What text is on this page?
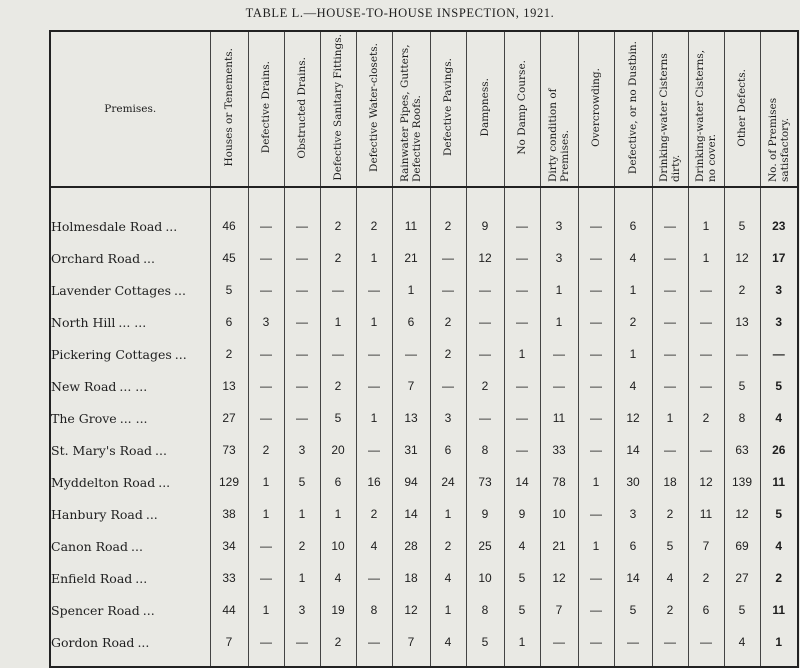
TABLE L.—HOUSE-TO-HOUSE INSPECTION, 1921.
Premises.	Houses or Tenements.	Defective Drains.	Obstructed Drains.	Defective Sanitary Fittings.	Defective Water-closets.	Rainwater Pipes, Gutters, Defective Roofs.	Defective Pavings.	Dampness.	No Damp Course.	Dirty condition of Premises.	Overcrowding.	Defective, or no Dustbin.	Drinking-water Cisterns dirty.	Drinking-water Cisterns, no cover.	Other Defects.	No. of Premises satisfactory.

Holmesdale Road ...	46	—	—	2	2	11	2	9	—	3	—	6	—	1	5	23
Orchard Road ...	45	—	—	2	1	21	—	12	—	3	—	4	—	1	12	17
Lavender Cottages ...	5	—	—	—	—	1	—	—	—	1	—	1	—	—	2	3
North Hill ... ...	6	3	—	1	1	6	2	—	—	1	—	2	—	—	13	3
Pickering Cottages ...	2	—	—	—	—	—	2	—	1	—	—	1	—	—	—	—
New Road ... ...	13	—	—	2	—	7	—	2	—	—	—	4	—	—	5	5
The Grove ... ...	27	—	—	5	1	13	3	—	—	11	—	12	1	2	8	4
St. Mary's Road ...	73	2	3	20	—	31	6	8	—	33	—	14	—	—	63	26
Myddelton Road ...	129	1	5	6	16	94	24	73	14	78	1	30	18	12	139	11
Hanbury Road ...	38	1	1	1	2	14	1	9	9	10	—	3	2	11	12	5
Canon Road ...	34	—	2	10	4	28	2	25	4	21	1	6	5	7	69	4
Enfield Road ...	33	—	1	4	—	18	4	10	5	12	—	14	4	2	27	2
Spencer Road ...	44	1	3	19	8	12	1	8	5	7	—	5	2	6	5	11
Gordon Road ...	7	—	—	2	—	7	4	5	1	—	—	—	—	—	4	1
